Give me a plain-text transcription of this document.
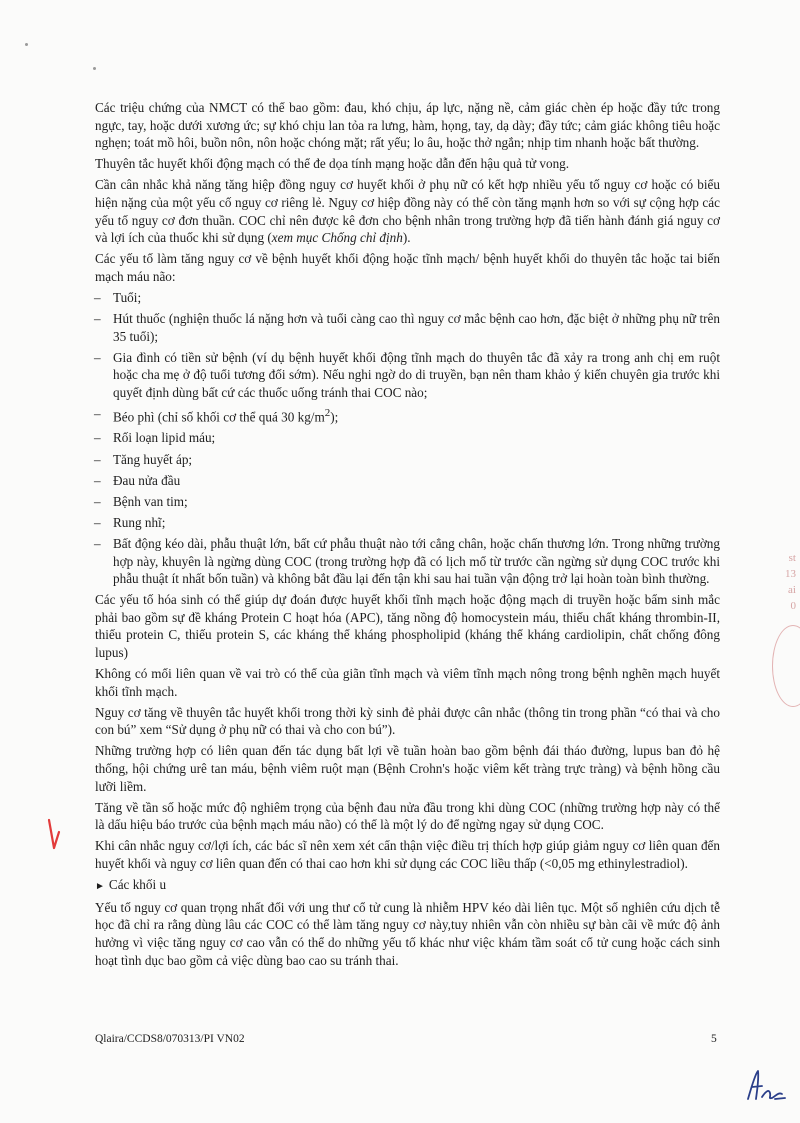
Các triệu chứng của NMCT có thể bao gồm: đau, khó chịu, áp lực, nặng nề, cảm giác chèn ép hoặc đầy tức trong ngực, tay, hoặc dưới xương ức; sự khó chịu lan tỏa ra lưng, hàm, họng, tay, dạ dày; đầy tức; cảm giác không tiêu hoặc nghẹn; toát mồ hôi, buồn nôn, nôn hoặc chóng mặt; rất yếu; lo âu, hoặc thở ngắn; nhịp tim nhanh hoặc bất thường.

Thuyên tắc huyết khối động mạch có thể đe dọa tính mạng hoặc dẫn đến hậu quả tử vong.

Cần cân nhắc khả năng tăng hiệp đồng nguy cơ huyết khối ở phụ nữ có kết hợp nhiều yếu tố nguy cơ hoặc có biểu hiện nặng của một yếu cố nguy cơ riêng lẻ. Nguy cơ hiệp đồng này có thể còn tăng mạnh hơn so với sự cộng hợp các yếu tố nguy cơ đơn thuần. COC chỉ nên được kê đơn cho bệnh nhân trong trường hợp đã tiến hành đánh giá nguy cơ và lợi ích của thuốc khi sử dụng (xem mục Chống chỉ định).

Các yếu tố làm tăng nguy cơ về bệnh huyết khối động hoặc tĩnh mạch/ bệnh huyết khối do thuyên tắc hoặc tai biến mạch máu não:

– Tuổi;
– Hút thuốc (nghiện thuốc lá nặng hơn và tuổi càng cao thì nguy cơ mắc bệnh cao hơn, đặc biệt ở những phụ nữ trên 35 tuổi);
– Gia đình có tiền sử bệnh (ví dụ bệnh huyết khối động tĩnh mạch do thuyên tắc đã xảy ra trong anh chị em ruột hoặc cha mẹ ở độ tuổi tương đối sớm). Nếu nghi ngờ do di truyền, bạn nên tham khảo ý kiến chuyên gia trước khi quyết định dùng bất cứ các thuốc uống tránh thai COC nào;
– Béo phì (chỉ số khối cơ thể quá 30 $kg/m^2$);
– Rối loạn lipid máu;
– Tăng huyết áp;
– Đau nửa đầu
– Bệnh van tim;
– Rung nhĩ;
– Bất động kéo dài, phẫu thuật lớn, bất cứ phẫu thuật nào tới cẳng chân, hoặc chấn thương lớn. Trong những trường hợp này, khuyên là ngừng dùng COC (trong trường hợp đã có lịch mổ từ trước cần ngừng sử dụng COC trước khi phẫu thuật ít nhất bốn tuần) và không bắt đầu lại đến tận khi sau hai tuần vận động trở lại hoàn toàn bình thường.

Các yếu tố hóa sinh có thể giúp dự đoán được huyết khối tĩnh mạch hoặc động mạch di truyền hoặc bẩm sinh mắc phải bao gồm sự đề kháng Protein C hoạt hóa (APC), tăng nồng độ homocystein máu, thiếu chất kháng thrombin-II, thiếu protein C, thiếu protein S, các kháng thể kháng phospholipid (kháng thể kháng cardiolipin, chất chống đông lupus)

Không có mối liên quan về vai trò có thể của giãn tĩnh mạch và viêm tĩnh mạch nông trong bệnh nghẽn mạch huyết khối tĩnh mạch.

Nguy cơ tăng về thuyên tắc huyết khối trong thời kỳ sinh đẻ phải được cân nhắc (thông tin trong phần “có thai và cho con bú” xem “Sử dụng ở phụ nữ có thai và cho con bú”).

Những trường hợp có liên quan đến tác dụng bất lợi về tuần hoàn bao gồm bệnh đái tháo đường, lupus ban đỏ hệ thống, hội chứng urê tan máu, bệnh viêm ruột mạn (Bệnh Crohn's hoặc viêm kết tràng trực tràng) và bệnh hồng cầu lưỡi liềm.

Tăng về tần số hoặc mức độ nghiêm trọng của bệnh đau nửa đầu trong khi dùng COC (những trường hợp này có thể là dấu hiệu báo trước của bệnh mạch máu não) có thể là một lý do để ngừng ngay sử dụng COC.

Khi cân nhắc nguy cơ/lợi ích, các bác sĩ nên xem xét cẩn thận việc điều trị thích hợp giúp giảm nguy cơ liên quan đến huyết khối và nguy cơ liên quan đến có thai cao hơn khi sử dụng các COC liều thấp (<0,05 mg ethinylestradiol).

► Các khối u

Yếu tố nguy cơ quan trọng nhất đối với ung thư cổ tử cung là nhiễm HPV kéo dài liên tục. Một số nghiên cứu dịch tễ học đã chỉ ra rằng dùng lâu các COC có thể làm tăng nguy cơ này,tuy nhiên vẫn còn nhiều sự bàn cãi về mức độ ảnh hưởng vì việc tăng nguy cơ cao vẫn có thể do những yếu tố khác như việc khám tầm soát cổ tử cung hoặc cách sinh hoạt tình dục bao gồm cả việc dùng bao cao su tránh thai.

Qlaira/CCDS8/070313/PI VN02	5
st
13
ai
0
